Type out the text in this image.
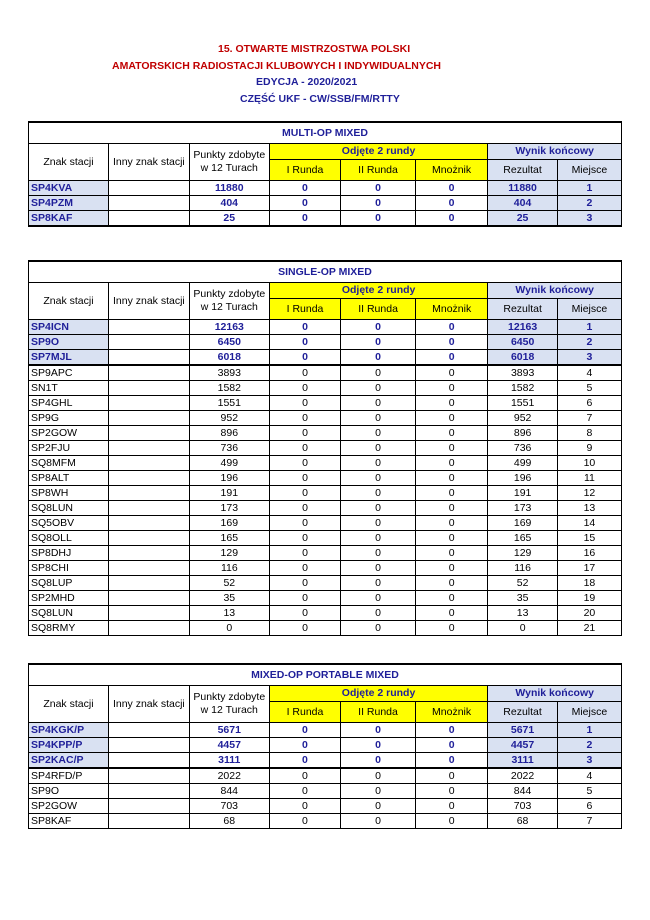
15. OTWARTE MISTRZOSTWA POLSKI
AMATORSKICH RADIOSTACJI KLUBOWYCH I INDYWIDUALNYCH
EDYCJA - 2020/2021
CZĘŚĆ UKF - CW/SSB/FM/RTTY
MULTI-OP MIXED							
Znak stacji	Inny znak stacji	Punkty zdobyte w 12 Turach	Odjęte 2 rundy			Wynik końcowy	
			I Runda	II Runda	Mnożnik	Rezultat	Miejsce
SP4KVA		11880	0	0	0	11880	1
SP4PZM		404	0	0	0	404	2
SP8KAF		25	0	0	0	25	3
SINGLE-OP MIXED							
Znak stacji	Inny znak stacji	Punkty zdobyte w 12 Turach	Odjęte 2 rundy			Wynik końcowy	
			I Runda	II Runda	Mnożnik	Rezultat	Miejsce
SP4ICN		12163	0	0	0	12163	1
SP9O		6450	0	0	0	6450	2
SP7MJL		6018	0	0	0	6018	3
SP9APC		3893	0	0	0	3893	4
SN1T		1582	0	0	0	1582	5
SP4GHL		1551	0	0	0	1551	6
SP9G		952	0	0	0	952	7
SP2GOW		896	0	0	0	896	8
SP2FJU		736	0	0	0	736	9
SQ8MFM		499	0	0	0	499	10
SP8ALT		196	0	0	0	196	11
SP8WH		191	0	0	0	191	12
SQ8LUN		173	0	0	0	173	13
SQ5OBV		169	0	0	0	169	14
SQ8OLL		165	0	0	0	165	15
SP8DHJ		129	0	0	0	129	16
SP8CHI		116	0	0	0	116	17
SQ8LUP		52	0	0	0	52	18
SP2MHD		35	0	0	0	35	19
SQ8LUN		13	0	0	0	13	20
SQ8RMY		0	0	0	0	0	21
MIXED-OP PORTABLE MIXED							
Znak stacji	Inny znak stacji	Punkty zdobyte w 12 Turach	Odjęte 2 rundy			Wynik końcowy	
			I Runda	II Runda	Mnożnik	Rezultat	Miejsce
SP4KGK/P		5671	0	0	0	5671	1
SP4KPP/P		4457	0	0	0	4457	2
SP2KAC/P		3111	0	0	0	3111	3
SP4RFD/P		2022	0	0	0	2022	4
SP9O		844	0	0	0	844	5
SP2GOW		703	0	0	0	703	6
SP8KAF		68	0	0	0	68	7
